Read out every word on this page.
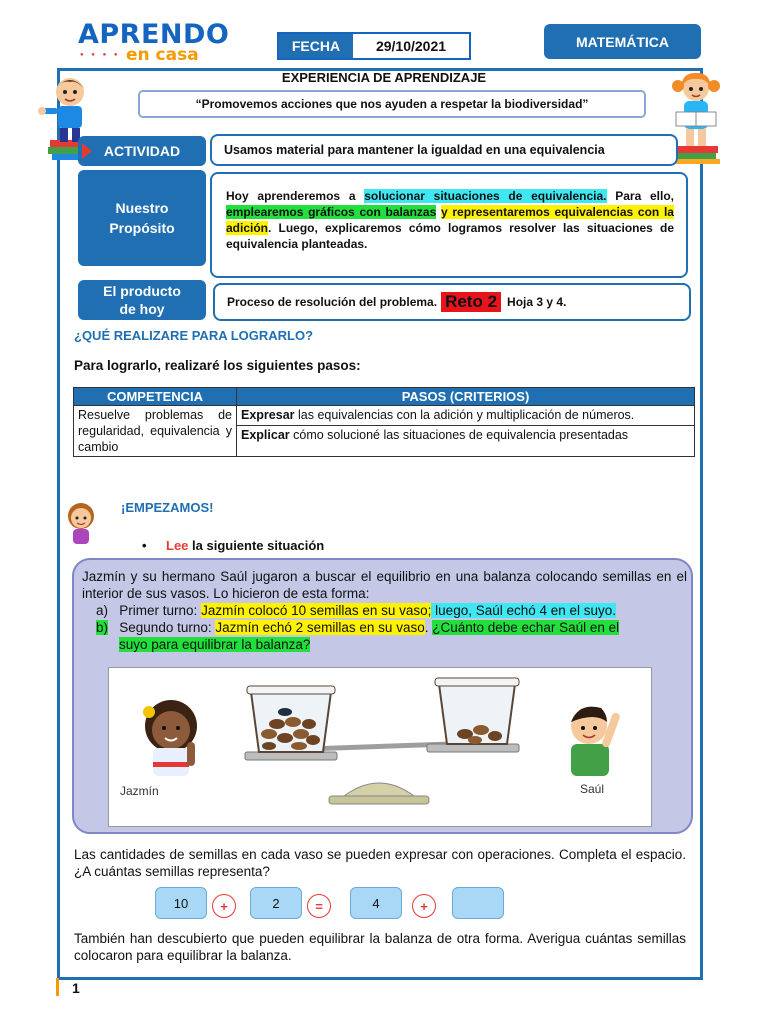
APRENDO
● ● ● ● en casa	FECHA	29/10/2021	MATEMÁTICA
EXPERIENCIA DE APRENDIZAJE
“Promovemos acciones que nos ayuden a respetar la biodiversidad”
ACTIVIDAD	Usamos material para mantener la igualdad en una equivalencia
Nuestro Propósito
Hoy aprenderemos a solucionar situaciones de equivalencia. Para ello, emplearemos gráficos con balanzas y representaremos equivalencias con la adición. Luego, explicaremos cómo logramos resolver las situaciones de equivalencia planteadas.
El producto de hoy	Proceso de resolución del problema. Reto 2 Hoja 3 y 4.
¿QUÉ REALIZARE PARA LOGRARLO?
Para lograrlo, realizaré los siguientes pasos:
COMPETENCIA	PASOS (CRITERIOS)
Resuelve problemas de regularidad, equivalencia y cambio	Expresar las equivalencias con la adición y multiplicación de números.
Explicar cómo solucioné las situaciones de equivalencia presentadas
¡EMPEZAMOS!
• Lee la siguiente situación
Jazmín y su hermano Saúl jugaron a buscar el equilibrio en una balanza colocando semillas en el interior de sus vasos. Lo hicieron de esta forma:
a) Primer turno: Jazmín colocó 10 semillas en su vaso; luego, Saúl echó 4 en el suyo.
b) Segundo turno: Jazmín echó 2 semillas en su vaso. ¿Cuánto debe echar Saúl en el
suyo para equilibrar la balanza?
Jazmín	Saúl
Las cantidades de semillas en cada vaso se pueden expresar con operaciones. Completa el espacio. ¿A cuántas semillas representa?
10	+	2	=	4	+
También han descubierto que pueden equilibrar la balanza de otra forma. Averigua cuántas semillas colocaron para equilibrar la balanza.
1
